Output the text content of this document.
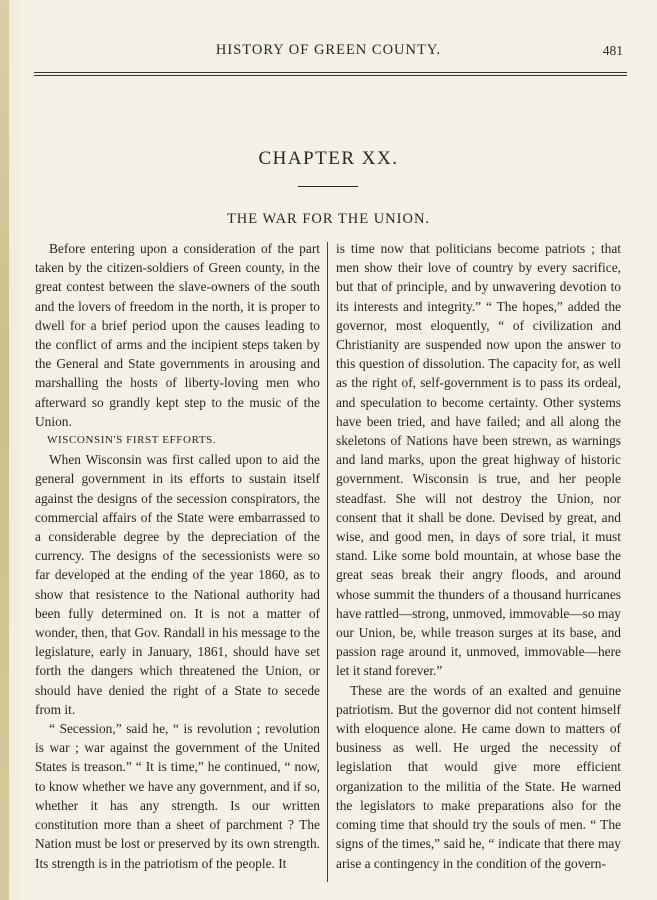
HISTORY OF GREEN COUNTY.	481
CHAPTER XX.
THE WAR FOR THE UNION.

Before entering upon a consideration of the part taken by the citizen-soldiers of Green county, in the great contest between the slave-owners of the south and the lovers of freedom in the north, it is proper to dwell for a brief period upon the causes leading to the conflict of arms and the incipient steps taken by the General and State governments in arousing and marshalling the hosts of liberty-loving men who afterward so grandly kept step to the music of the Union.

WISCONSIN'S FIRST EFFORTS.

When Wisconsin was first called upon to aid the general government in its efforts to sustain itself against the designs of the secession conspirators, the commercial affairs of the State were embarrassed to a considerable degree by the depreciation of the currency. The designs of the secessionists were so far developed at the ending of the year 1860, as to show that resistence to the National authority had been fully determined on. It is not a matter of wonder, then, that Gov. Randall in his message to the legislature, early in January, 1861, should have set forth the dangers which threatened the Union, or should have denied the right of a State to secede from it.

“ Secession,” said he, “ is revolution ; revolution is war ; war against the government of the United States is treason.” “ It is time,” he continued, “ now, to know whether we have any government, and if so, whether it has any strength. Is our written constitution more than a sheet of parchment ? The Nation must be lost or preserved by its own strength. Its strength is in the patriotism of the people. It

is time now that politicians become patriots ; that men show their love of country by every sacrifice, but that of principle, and by unwavering devotion to its interests and integrity.” “ The hopes,” added the governor, most eloquently, “ of civilization and Christianity are suspended now upon the answer to this question of dissolution. The capacity for, as well as the right of, self-government is to pass its ordeal, and speculation to become certainty. Other systems have been tried, and have failed; and all along the skeletons of Nations have been strewn, as warnings and land marks, upon the great highway of historic government. Wisconsin is true, and her people steadfast. She will not destroy the Union, nor consent that it shall be done. Devised by great, and wise, and good men, in days of sore trial, it must stand. Like some bold mountain, at whose base the great seas break their angry floods, and around whose summit the thunders of a thousand hurricanes have rattled—strong, unmoved, immovable—so may our Union, be, while treason surges at its base, and passion rage around it, unmoved, immovable—here let it stand forever.”

These are the words of an exalted and genuine patriotism. But the governor did not content himself with eloquence alone. He came down to matters of business as well. He urged the necessity of legislation that would give more efficient organization to the militia of the State. He warned the legislators to make preparations also for the coming time that should try the souls of men. “ The signs of the times,” said he, “ indicate that there may arise a contingency in the condition of the govern-
